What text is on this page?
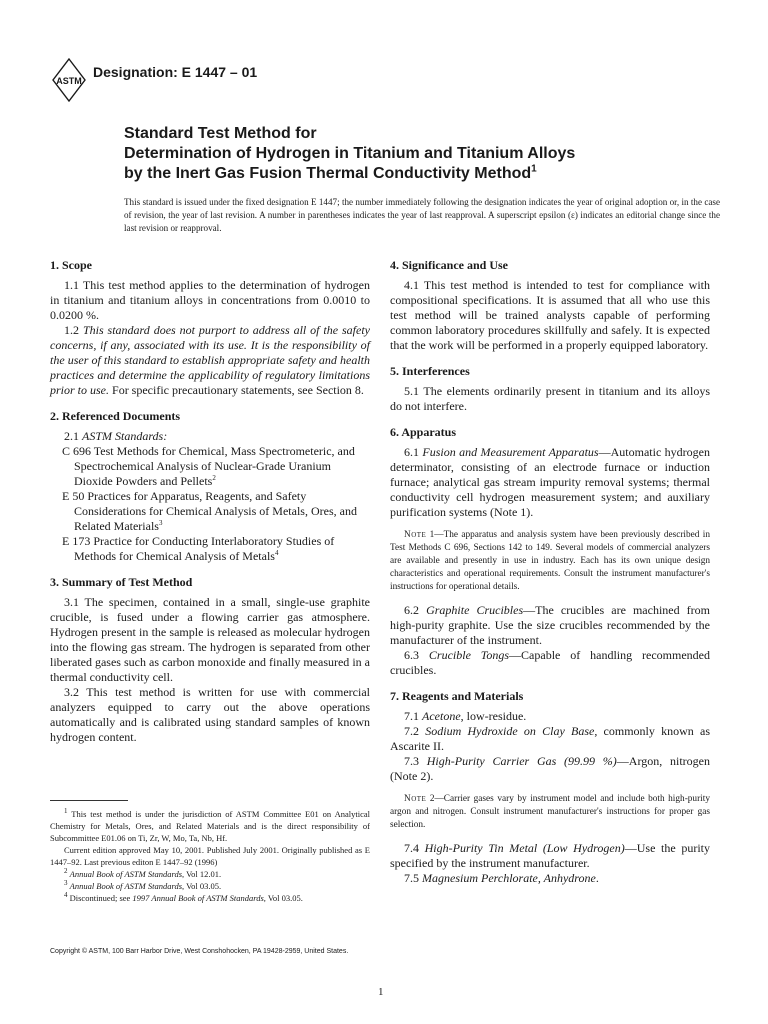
ASTM
Designation: E 1447 – 01
Standard Test Method for
Determination of Hydrogen in Titanium and Titanium Alloys
by the Inert Gas Fusion Thermal Conductivity Method$^1$
This standard is issued under the fixed designation E 1447; the number immediately following the designation indicates the year of original adoption or, in the case of revision, the year of last revision. A number in parentheses indicates the year of last reapproval. A superscript epsilon (ε) indicates an editorial change since the last revision or reapproval.
1. Scope

1.1 This test method applies to the determination of hydrogen in titanium and titanium alloys in concentrations from 0.0010 to 0.0200 %.

1.2 This standard does not purport to address all of the safety concerns, if any, associated with its use. It is the responsibility of the user of this standard to establish appropriate safety and health practices and determine the applicability of regulatory limitations prior to use. For specific precautionary statements, see Section 8.

2. Referenced Documents

2.1 ASTM Standards:

C 696 Test Methods for Chemical, Mass Spectrometeric, and Spectrochemical Analysis of Nuclear-Grade Uranium Dioxide Powders and Pellets$^2$

E 50 Practices for Apparatus, Reagents, and Safety Considerations for Chemical Analysis of Metals, Ores, and Related Materials$^3$

E 173 Practice for Conducting Interlaboratory Studies of Methods for Chemical Analysis of Metals$^4$

3. Summary of Test Method

3.1 The specimen, contained in a small, single-use graphite crucible, is fused under a flowing carrier gas atmosphere. Hydrogen present in the sample is released as molecular hydrogen into the flowing gas stream. The hydrogen is separated from other liberated gases such as carbon monoxide and finally measured in a thermal conductivity cell.

3.2 This test method is written for use with commercial analyzers equipped to carry out the above operations automatically and is calibrated using standard samples of known hydrogen content.

4. Significance and Use

4.1 This test method is intended to test for compliance with compositional specifications. It is assumed that all who use this test method will be trained analysts capable of performing common laboratory procedures skillfully and safely. It is expected that the work will be performed in a properly equipped laboratory.

5. Interferences

5.1 The elements ordinarily present in titanium and its alloys do not interfere.

6. Apparatus

6.1 Fusion and Measurement Apparatus—Automatic hydrogen determinator, consisting of an electrode furnace or induction furnace; analytical gas stream impurity removal systems; thermal conductivity cell hydrogen measurement system; and auxiliary purification systems (Note 1).

Note 1—The apparatus and analysis system have been previously described in Test Methods C 696, Sections 142 to 149. Several models of commercial analyzers are available and presently in use in industry. Each has its own unique design characteristics and operational requirements. Consult the instrument manufacturer's instructions for operational details.

6.2 Graphite Crucibles—The crucibles are machined from high-purity graphite. Use the size crucibles recommended by the manufacturer of the instrument.

6.3 Crucible Tongs—Capable of handling recommended crucibles.

7. Reagents and Materials

7.1 Acetone, low-residue.

7.2 Sodium Hydroxide on Clay Base, commonly known as Ascarite II.

7.3 High-Purity Carrier Gas (99.99 %)—Argon, nitrogen (Note 2).

Note 2—Carrier gases vary by instrument model and include both high-purity argon and nitrogen. Consult instrument manufacturer's instructions for proper gas selection.

7.4 High-Purity Tin Metal (Low Hydrogen)—Use the purity specified by the instrument manufacturer.

7.5 Magnesium Perchlorate, Anhydrone.

$^1$ This test method is under the jurisdiction of ASTM Committee E01 on Analytical Chemistry for Metals, Ores, and Related Materials and is the direct responsibility of Subcommittee E01.06 on Ti, Zr, W, Mo, Ta, Nb, Hf.

Current edition approved May 10, 2001. Published July 2001. Originally published as E 1447–92. Last previous editon E 1447–92 (1996)

$^2$ Annual Book of ASTM Standards, Vol 12.01.

$^3$ Annual Book of ASTM Standards, Vol 03.05.

$^4$ Discontinued; see 1997 Annual Book of ASTM Standards, Vol 03.05.

Copyright © ASTM, 100 Barr Harbor Drive, West Conshohocken, PA 19428-2959, United States.
1
